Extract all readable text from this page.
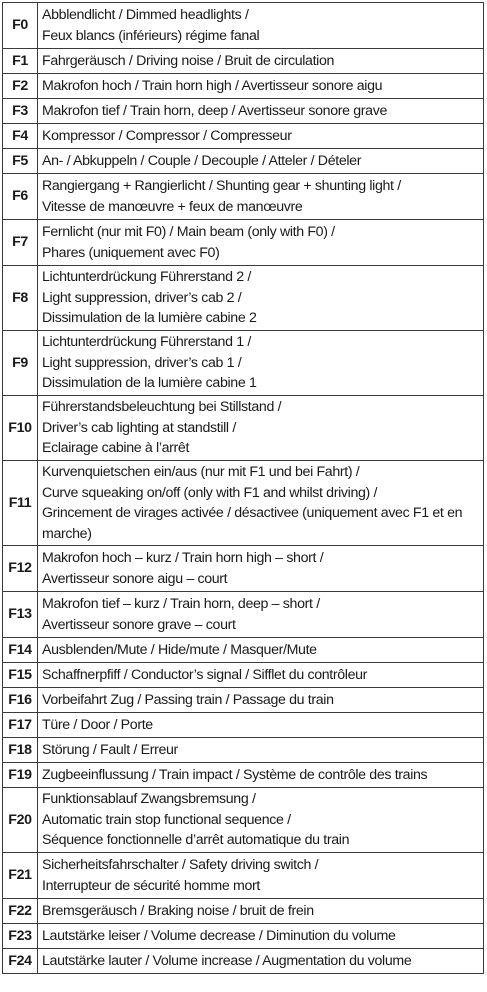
F0	Abblendlicht / Dimmed headlights /
Feux blancs (inférieurs) régime fanal

F1	Fahrgeräusch / Driving noise / Bruit de circulation

F2	Makrofon hoch / Train horn high / Avertisseur sonore aigu

F3	Makrofon tief / Train horn, deep / Avertisseur sonore grave

F4	Kompressor / Compressor / Compresseur

F5	An- / Abkuppeln / Couple / Decouple / Atteler / Dételer

F6	Rangiergang + Rangierlicht / Shunting gear + shunting light /
Vitesse de manœuvre + feux de manœuvre

F7	Fernlicht (nur mit F0) / Main beam (only with F0) /
Phares (uniquement avec F0)

F8	Lichtunterdrückung Führerstand 2 /
Light suppression, driver’s cab 2 /
Dissimulation de la lumière cabine 2

F9	Lichtunterdrückung Führerstand 1 /
Light suppression, driver’s cab 1 /
Dissimulation de la lumière cabine 1

F10	Führerstandsbeleuchtung bei Stillstand /
Driver’s cab lighting at standstill /
Eclairage cabine à l’arrêt

F11	Kurvenquietschen ein/aus (nur mit F1 und bei Fahrt) /
Curve squeaking on/off (only with F1 and whilst driving) /
Grincement de virages activée / désactivee (uniquement avec F1 et en
marche)

F12	Makrofon hoch – kurz / Train horn high – short /
Avertisseur sonore aigu – court

F13	Makrofon tief – kurz / Train horn, deep – short /
Avertisseur sonore grave – court

F14	Ausblenden/Mute / Hide/mute / Masquer/Mute

F15	Schaffnerpfiff / Conductor’s signal / Sifflet du contrôleur

F16	Vorbeifahrt Zug / Passing train / Passage du train

F17	Türe / Door / Porte

F18	Störung / Fault / Erreur

F19	Zugbeeinflussung / Train impact / Système de contrôle des trains

F20	Funktionsablauf Zwangsbremsung /
Automatic train stop functional sequence /
Séquence fonctionnelle d’arrêt automatique du train

F21	Sicherheitsfahrschalter / Safety driving switch /
Interrupteur de sécurité homme mort

F22	Bremsgeräusch / Braking noise / bruit de frein

F23	Lautstärke leiser / Volume decrease / Diminution du volume

F24	Lautstärke lauter / Volume increase / Augmentation du volume
